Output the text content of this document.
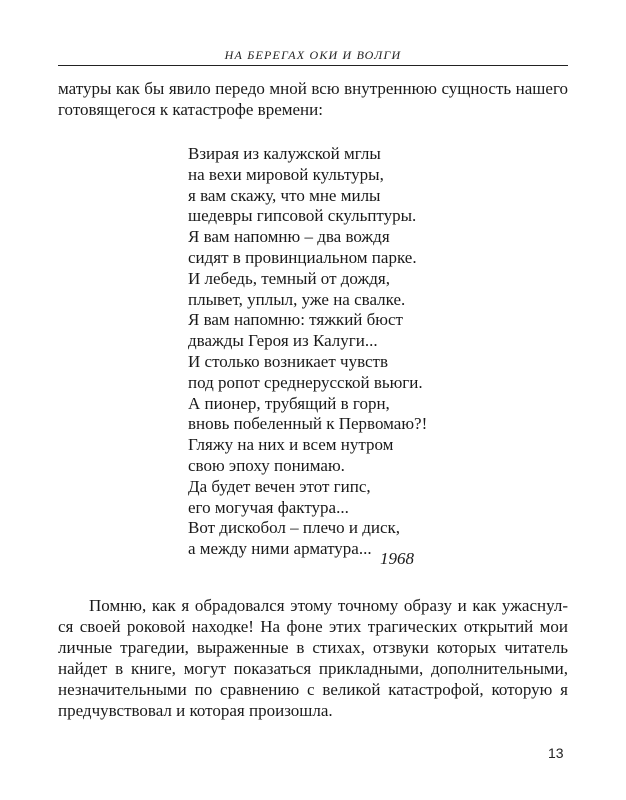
НА БЕРЕГАХ ОКИ И ВОЛГИ

матуры как бы явило передо мной всю внутреннюю сущность нашего
готовящегося к катастрофе времени:

Взирая из калужской мглы
на вехи мировой культуры,
я вам скажу, что мне милы
шедевры гипсовой скульптуры.
Я вам напомню – два вождя
сидят в провинциальном парке.
И лебедь, темный от дождя,
плывет, уплыл, уже на свалке.
Я вам напомню: тяжкий бюст
дважды Героя из Калуги...
И столько возникает чувств
под ропот среднерусской вьюги.
А пионер, трубящий в горн,
вновь побеленный к Первомаю?!
Гляжу на них и всем нутром
свою эпоху понимаю.
Да будет вечен этот гипс,
его могучая фактура...
Вот дискобол – плечо и диск,
а между ними арматура...
1968

Помню, как я обрадовался этому точному образу и как ужаснул-
ся своей роковой находке! На фоне этих трагических открытий мои
личные трагедии, выраженные в стихах, отзвуки которых читатель
найдет в книге, могут показаться прикладными, дополнительными,
незначительными по сравнению с великой катастрофой, которую я
предчувствовал и которая произошла.

13
